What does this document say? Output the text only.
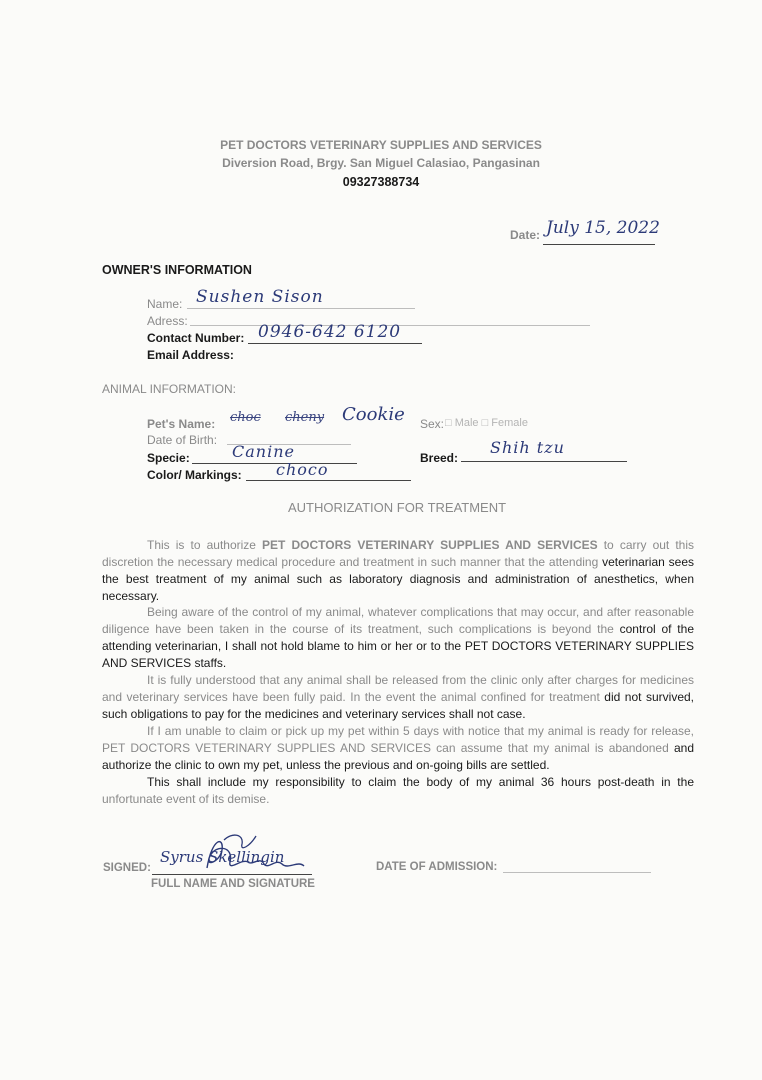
PET DOCTORS VETERINARY SUPPLIES AND SERVICES
Diversion Road, Brgy. San Miguel Calasiao, Pangasinan
09327388734
Date: July 15, 2022
OWNER'S INFORMATION
Name: Sushen Sison
Adress:
Contact Number: 0946-642 6120
Email Address:
ANIMAL INFORMATION:
Pet's Name: choc cheny Cookie Sex: □ Male □ Female
Date of Birth:
Specie:	Canine	Breed:
Shih tzu
Color/ Markings: choco
AUTHORIZATION FOR TREATMENT
This is to authorize PET DOCTORS VETERINARY SUPPLIES AND SERVICES to carry out this discretion the necessary medical procedure and treatment in such manner that the attending veterinarian sees the best treatment of my animal such as laboratory diagnosis and administration of anesthetics, when necessary.
Being aware of the control of my animal, whatever complications that may occur, and after reasonable diligence have been taken in the course of its treatment, such complications is beyond the control of the attending veterinarian, I shall not hold blame to him or her or to the PET DOCTORS VETERINARY SUPPLIES AND SERVICES staffs.
It is fully understood that any animal shall be released from the clinic only after charges for medicines and veterinary services have been fully paid. In the event the animal confined for treatment did not survived, such obligations to pay for the medicines and veterinary services shall not case.
If I am unable to claim or pick up my pet within 5 days with notice that my animal is ready for release, PET DOCTORS VETERINARY SUPPLIES AND SERVICES can assume that my animal is abandoned and authorize the clinic to own my pet, unless the previous and on-going bills are settled.
This shall include my responsibility to claim the body of my animal 36 hours post-death in the unfortunate event of its demise.
SIGNED:
Syrus Skellingin
FULL NAME AND SIGNATURE
DATE OF ADMISSION:
